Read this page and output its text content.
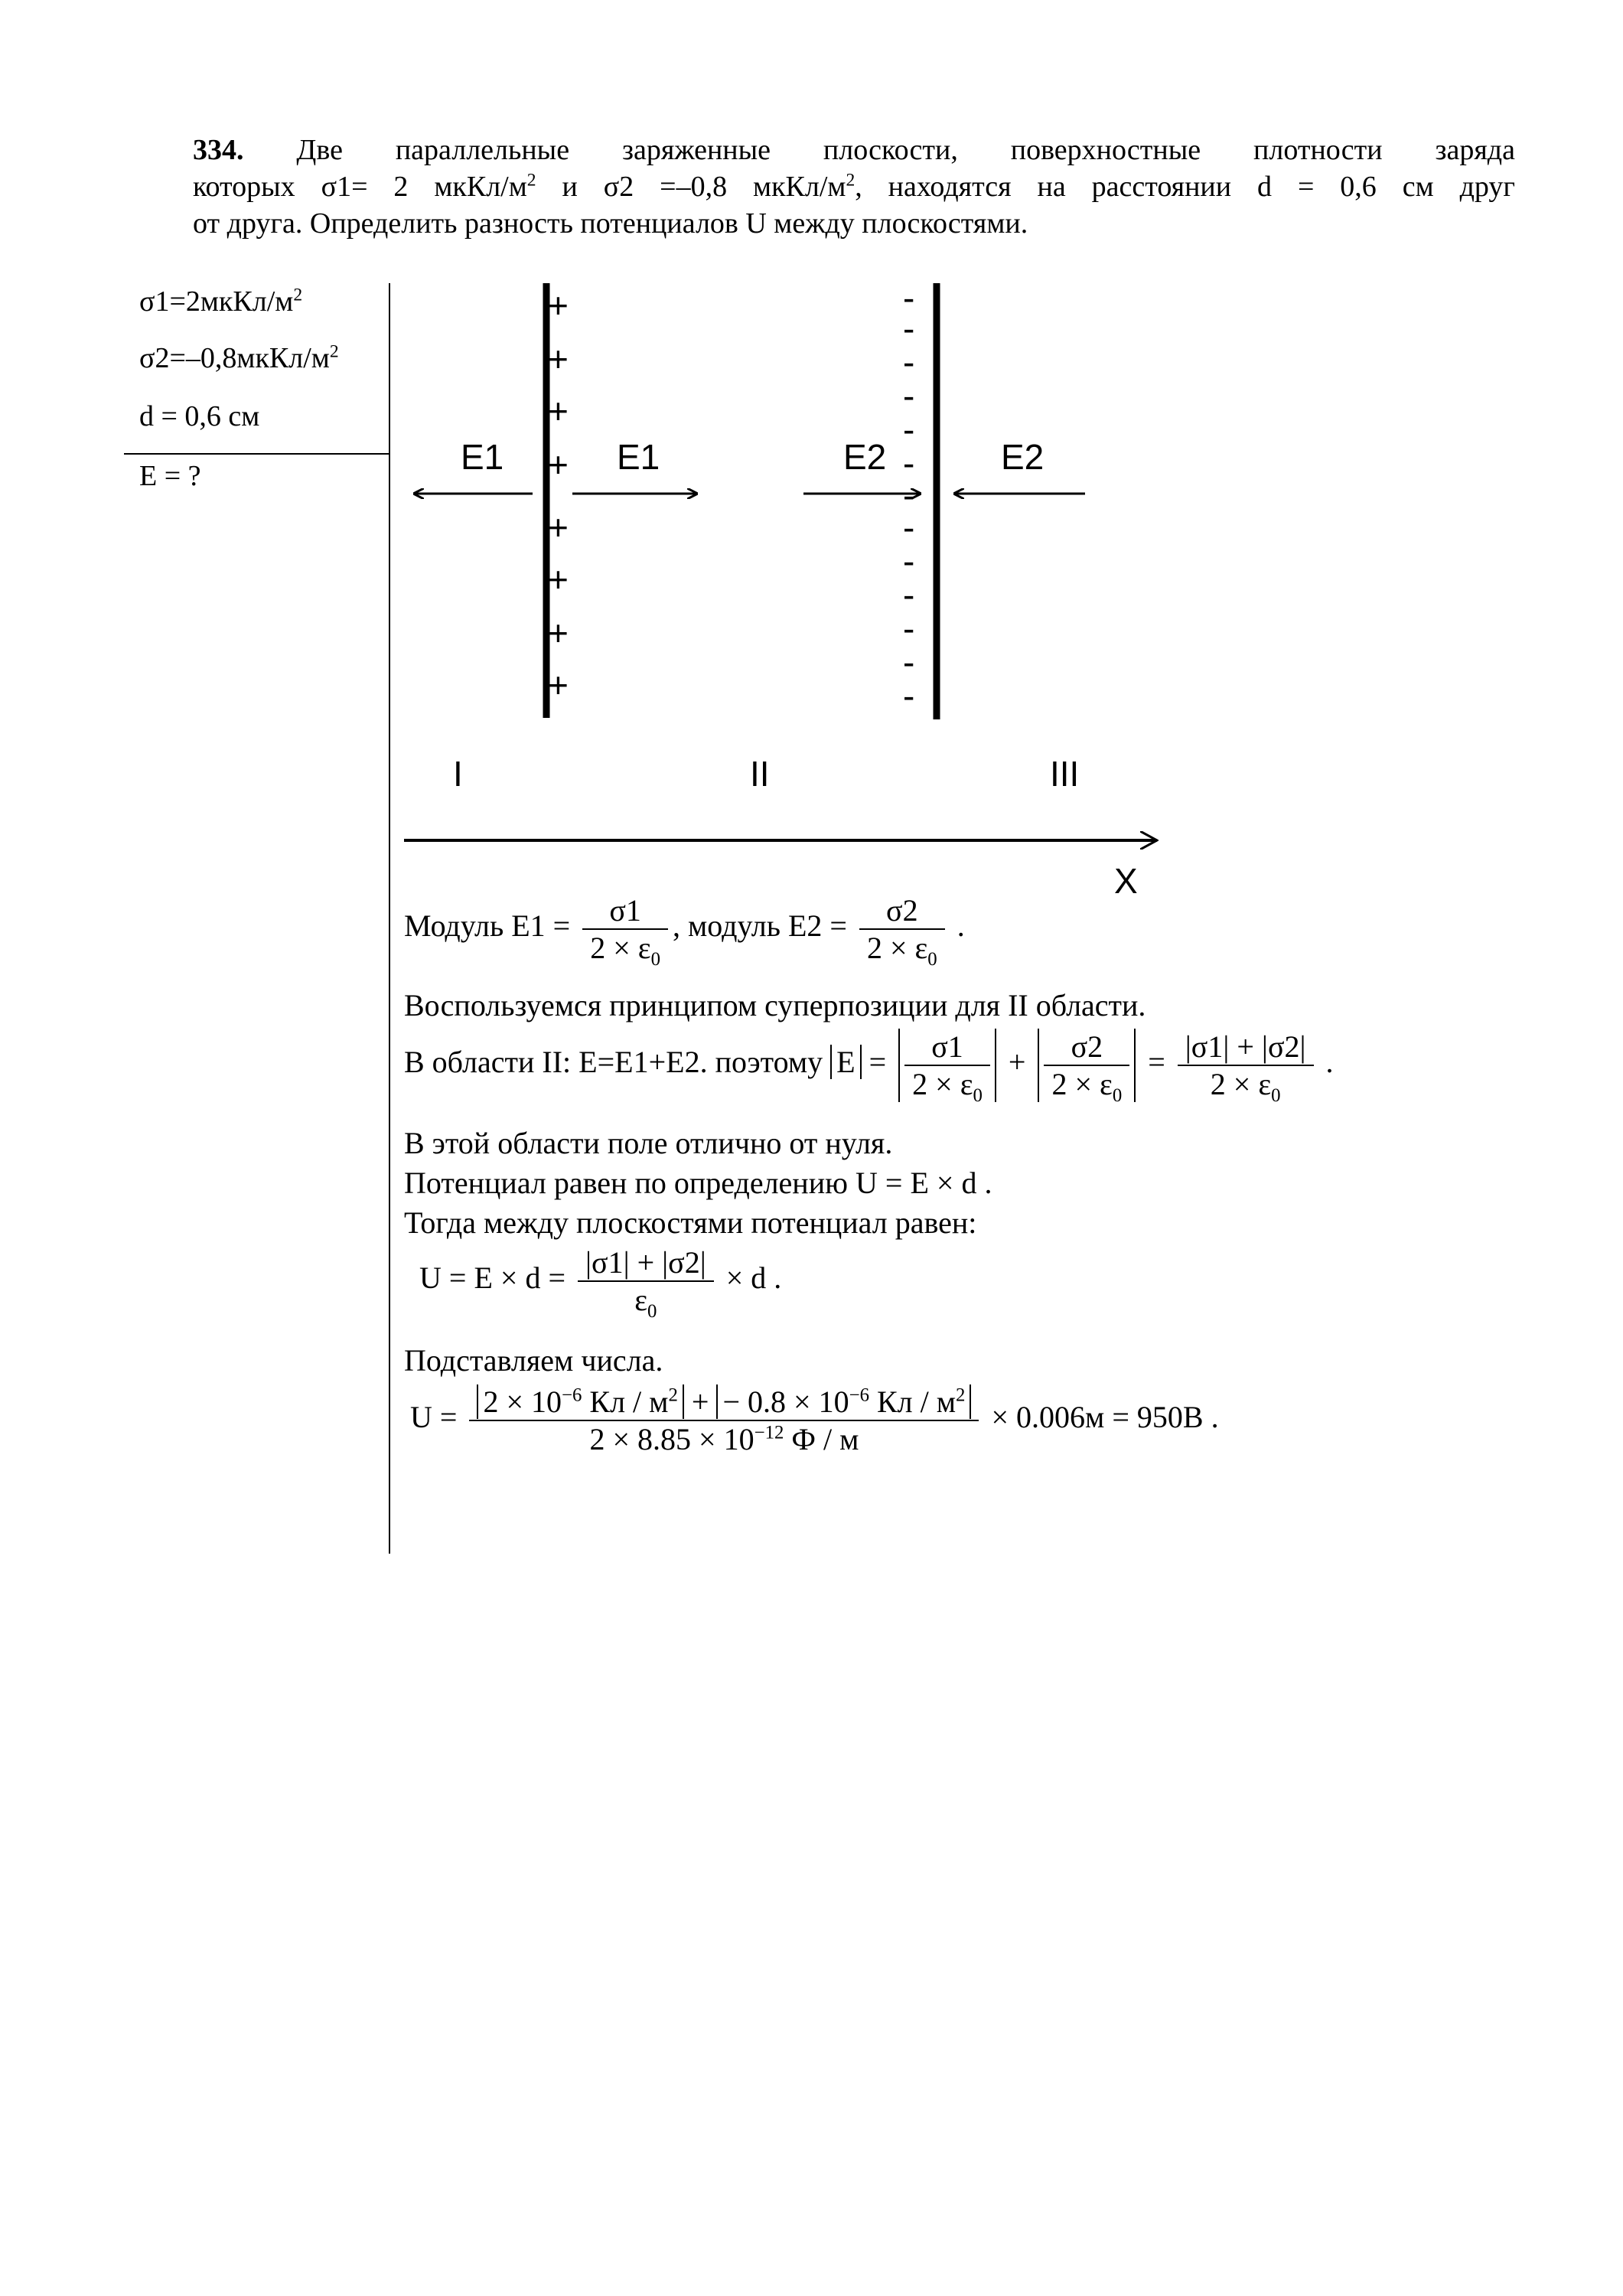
334. Две параллельные заряженные плоскости, поверхностные плотности заряда
которых σ1= 2 мкКл/$м^2$ и σ2 =–0,8 мкКл/$м^2$, находятся на расстоянии d = 0,6 см друг
от друга. Определить разность потенциалов U между плоскостями.
$\sigma 1=2мкКл/м^2$
$\sigma 2=-0,8мкКл/м^2$
d = 0,6 см
E = ?
+
+
+
+
+
+
+
+
-
-
-
-
-
-
-
-
-
-
-
-
-
E1	E1	E2	E2
I	II	III
X
Модуль $E1 = \frac{\sigma 1}{2 \times \varepsilon_0}$ , модуль $E2 = \frac{\sigma 2}{2 \times \varepsilon_0}$ .
Воспользуемся принципом суперпозиции для II области.
В области II: E=E1+E2. поэтому $E = \frac{\sigma 1}{2 \times \varepsilon_0} + \frac{\sigma 2}{2 \times \varepsilon_0} = \frac{|\sigma 1| + |\sigma 2|}{2 \times \varepsilon_0}$ .
В этой области поле отлично от нуля.
Потенциал равен по определению U = E × d .
Тогда между плоскостями потенциал равен:
$U = E \times d = \frac{|\sigma 1| + |\sigma 2|}{\varepsilon_0} \times d$ .
Подставляем числа.
$U = \frac{2 \times 10^{-6} Кл / м^2 + - 0.8 \times 10^{-6} Кл / м^2}{2 \times 8.85 \times 10^{-12} Ф / м} \times 0.006м = 950В$ .
